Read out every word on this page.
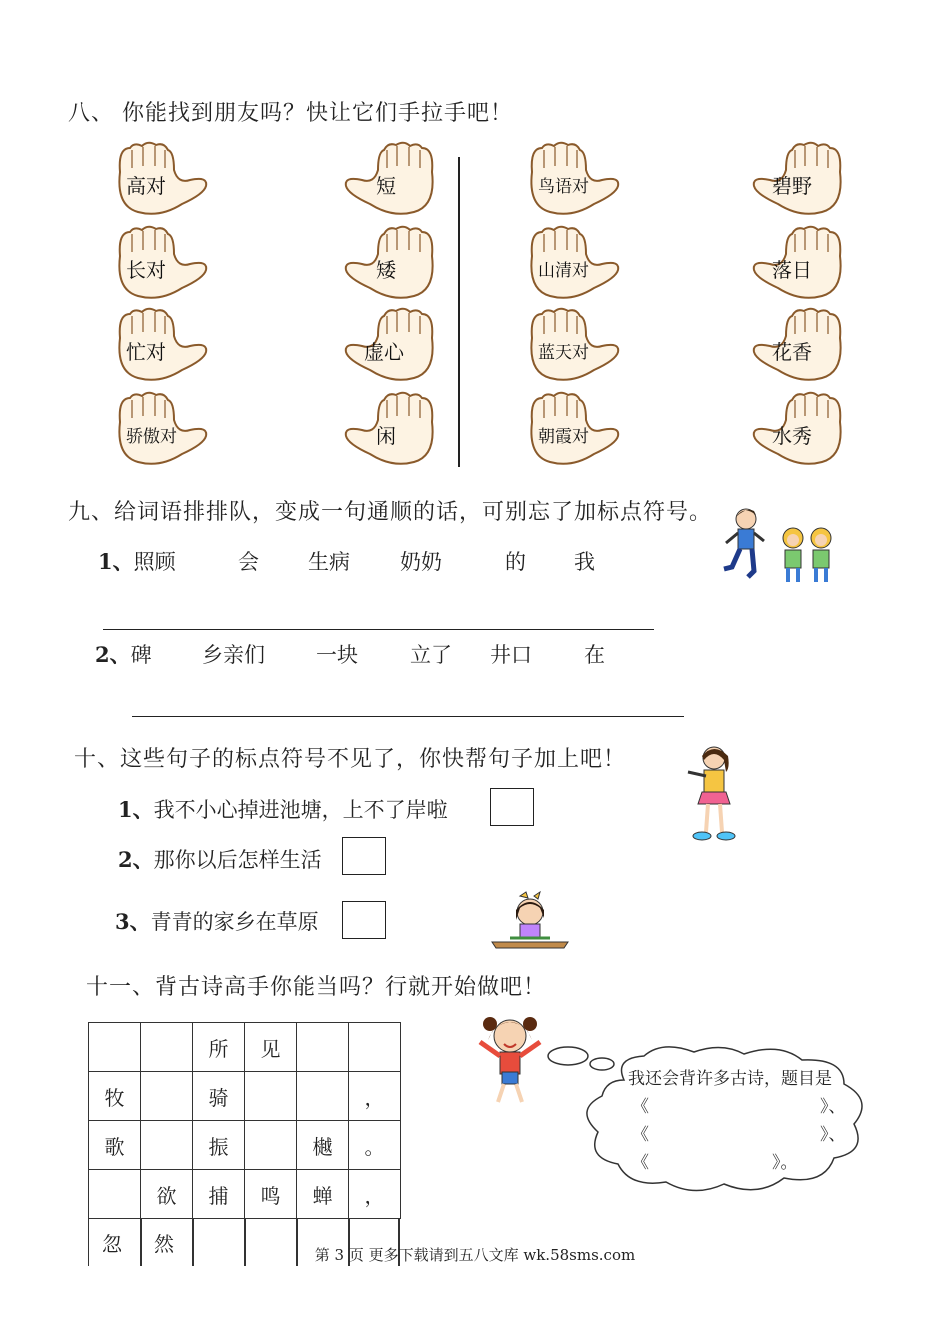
八、 你能找到朋友吗？快让它们手拉手吧！
高对
长对
忙对
骄傲对
短
矮
虚心
闲
鸟语对
山清对
蓝天对
朝霞对
碧野
落日
花香
水秀
九、给词语排排队，变成一句通顺的话，可别忘了加标点符号。
1、照顾	会 生病 奶奶	的 我
2、碑 乡亲们 一块 立了 井口 在
十、这些句子的标点符号不见了，你快帮句子加上吧！
1、我不小心掉进池塘，上不了岸啦
2、那你以后怎样生活
3、青青的家乡在草原
十一、背古诗高手你能当吗？行就开始做吧！
		所	见		
牧		骑			，
歌		振		樾	。
	欲	捕	鸣	蝉	，
忽 然
我还会背许多古诗，题目是
《	》、
《	》、
《	》。
第 3 页 更多下载请到五八文库 wk.58sms.com
